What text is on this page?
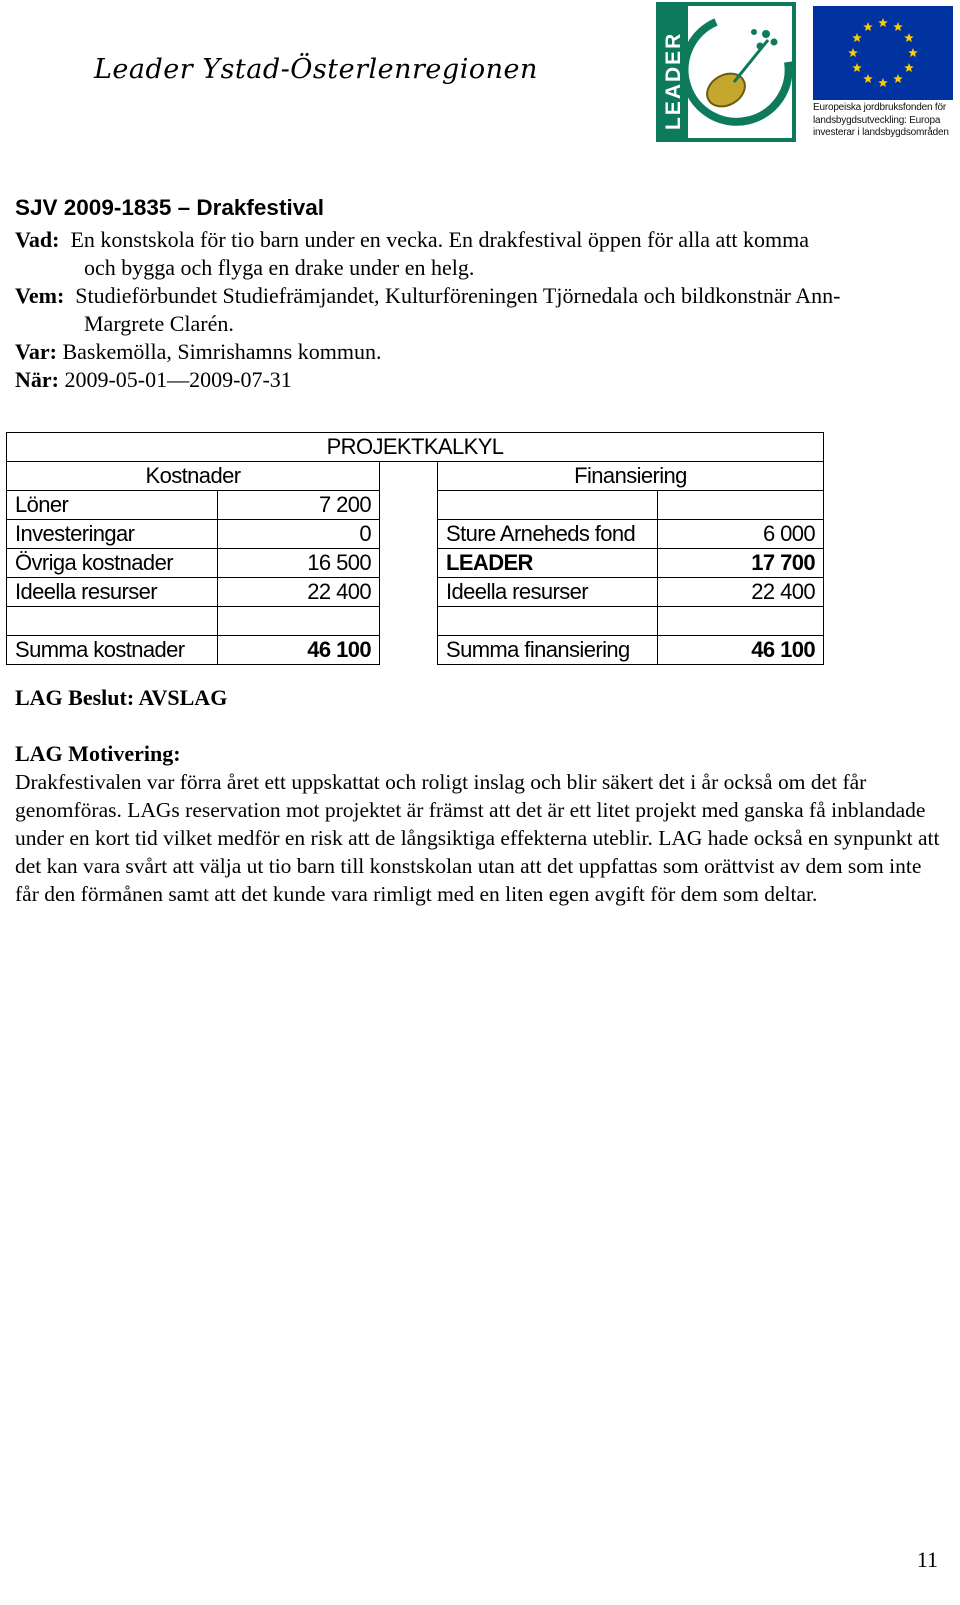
Leader Ystad-Österlenregionen	LEADER	Europeiska jordbruksfonden för
landsbygdsutveckling: Europa
investerar i landsbygdsområden
SJV 2009-1835 – Drakfestival
Vad: En konstskola för tio barn under en vecka. En drakfestival öppen för alla att komma
och bygga och flyga en drake under en helg.
Vem: Studieförbundet Studiefrämjandet, Kulturföreningen Tjörnedala och bildkonstnär Ann-
Margrete Clarén.
Var: Baskemölla, Simrishamns kommun.
När: 2009-05-01—2009-07-31
PROJEKTKALKYL				
Kostnader			Finansiering	
Löner	7 200			
Investeringar	0		Sture Arneheds fond	6 000
Övriga kostnader	16 500		LEADER	17 700
Ideella resurser	22 400		Ideella resurser	22 400

Summa kostnader	46 100		Summa finansiering	46 100
LAG Beslut: AVSLAG
LAG Motivering:
Drakfestivalen var förra året ett uppskattat och roligt inslag och blir säkert det i år också om det får genomföras. LAGs reservation mot projektet är främst att det är ett litet projekt med ganska få inblandade under en kort tid vilket medför en risk att de långsiktiga effekterna uteblir. LAG hade också en synpunkt att det kan vara svårt att välja ut tio barn till konstskolan utan att det uppfattas som orättvist av dem som inte får den förmånen samt att det kunde vara rimligt med en liten egen avgift för dem som deltar.
11
